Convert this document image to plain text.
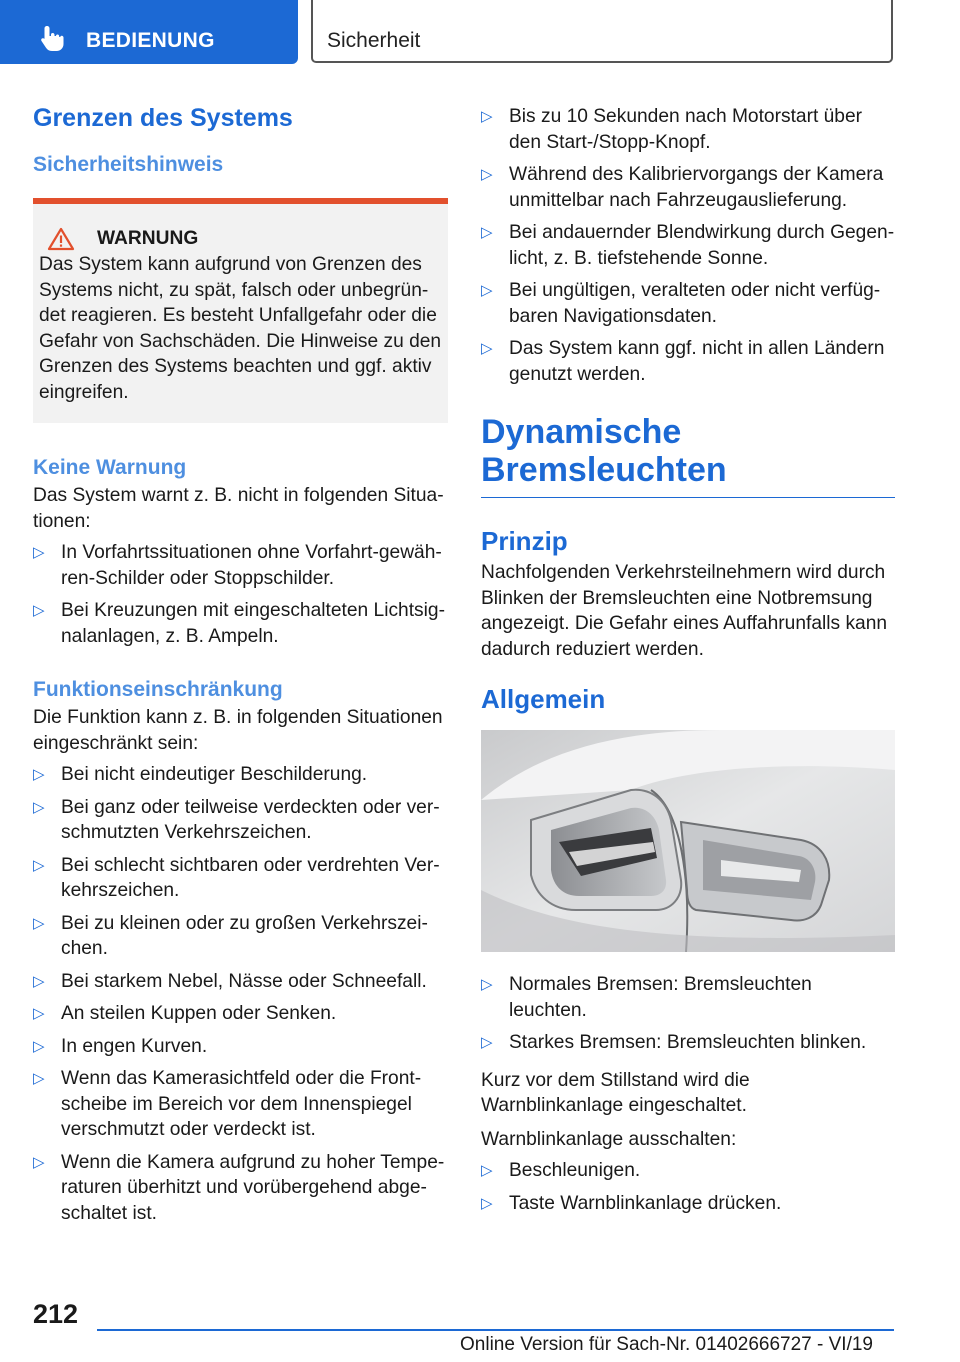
BEDIENUNG	Sicherheit
Grenzen des Systems
Sicherheitshinweis
WARNUNG

Das System kann aufgrund von Grenzen des Systems nicht, zu spät, falsch oder unbegründet reagieren. Es besteht Unfallgefahr oder die Gefahr von Sachschäden. Die Hinweise zu den Grenzen des Systems beachten und ggf. aktiv eingreifen.

Keine Warnung

Das System warnt z. B. nicht in folgenden Situationen:

▷ In Vorfahrtssituationen ohne Vorfahrt-gewähren-Schilder oder Stoppschilder.
▷ Bei Kreuzungen mit eingeschalteten Lichtsignalanlagen, z. B. Ampeln.
Funktionseinschränkung

Die Funktion kann z. B. in folgenden Situationen eingeschränkt sein:

▷ Bei nicht eindeutiger Beschilderung.
▷ Bei ganz oder teilweise verdeckten oder verschmutzten Verkehrszeichen.
▷ Bei schlecht sichtbaren oder verdrehten Verkehrszeichen.
▷ Bei zu kleinen oder zu großen Verkehrszeichen.
▷ Bei starkem Nebel, Nässe oder Schneefall.
▷ An steilen Kuppen oder Senken.
▷ In engen Kurven.
▷ Wenn das Kamerasichtfeld oder die Frontscheibe im Bereich vor dem Innenspiegel verschmutzt oder verdeckt ist.
▷ Wenn die Kamera aufgrund zu hoher Temperaturen überhitzt und vorübergehend abgeschaltet ist.
▷ Bis zu 10 Sekunden nach Motorstart über den Start-/Stopp-Knopf.
▷ Während des Kalibriervorgangs der Kamera unmittelbar nach Fahrzeugauslieferung.
▷ Bei andauernder Blendwirkung durch Gegenlicht, z. B. tiefstehende Sonne.
▷ Bei ungültigen, veralteten oder nicht verfügbaren Navigationsdaten.
▷ Das System kann ggf. nicht in allen Ländern genutzt werden.
Dynamische Bremsleuchten
Prinzip

Nachfolgenden Verkehrsteilnehmern wird durch Blinken der Bremsleuchten eine Notbremsung angezeigt. Die Gefahr eines Auffahrunfalls kann dadurch reduziert werden.

Allgemein
▷ Normales Bremsen: Bremsleuchten leuchten.
▷ Starkes Bremsen: Bremsleuchten blinken.

Kurz vor dem Stillstand wird die Warnblinkanlage eingeschaltet.

Warnblinkanlage ausschalten:

▷ Beschleunigen.
▷ Taste Warnblinkanlage drücken.
212
Online Version für Sach-Nr. 01402666727 - VI/19
